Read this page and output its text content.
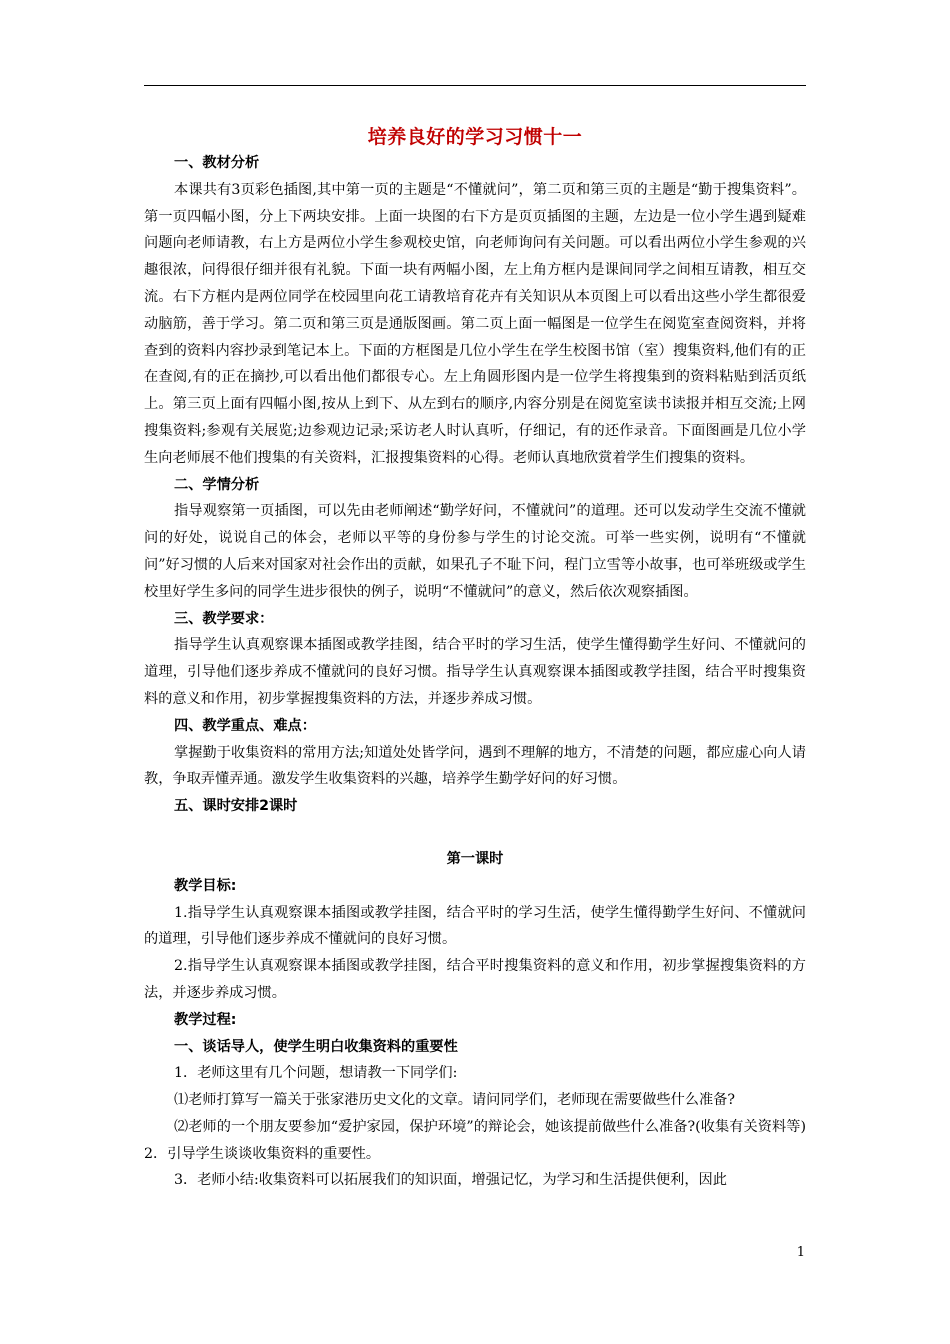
培养良好的学习习惯十一

一、教材分析

本课共有3页彩色插图,其中第一页的主题是“不懂就问”，第二页和第三页的主题是“勤于搜集资料”。第一页四幅小图，分上下两块安排。上面一块图的右下方是页页插图的主题，左边是一位小学生遇到疑难问题向老师请教，右上方是两位小学生参观校史馆，向老师询问有关问题。可以看出两位小学生参观的兴趣很浓，问得很仔细并很有礼貌。下面一块有两幅小图，左上角方框内是课间同学之间相互请教，相互交流。右下方框内是两位同学在校园里向花工请教培育花卉有关知识从本页图上可以看出这些小学生都很爱动脑筋，善于学习。第二页和第三页是通版图画。第二页上面一幅图是一位学生在阅览室查阅资料，并将查到的资料内容抄录到笔记本上。下面的方框图是几位小学生在学生校图书馆（室）搜集资料,他们有的正在查阅,有的正在摘抄,可以看出他们都很专心。左上角圆形图内是一位学生将搜集到的资料粘贴到活页纸上。第三页上面有四幅小图,按从上到下、从左到右的顺序,内容分别是在阅览室读书读报并相互交流;上网搜集资料;参观有关展览;边参观边记录;采访老人时认真听，仔细记，有的还作录音。下面图画是几位小学生向老师展不他们搜集的有关资料，汇报搜集资料的心得。老师认真地欣赏着学生们搜集的资料。

二、学情分析

指导观察第一页插图，可以先由老师阐述“勤学好问，不懂就问”的道理。还可以发动学生交流不懂就问的好处，说说自己的体会，老师以平等的身份参与学生的讨论交流。可举一些实例，说明有“不懂就问”好习惯的人后来对国家对社会作出的贡献，如果孔子不耻下问，程门立雪等小故事，也可举班级或学生校里好学生多问的同学生进步很快的例子，说明“不懂就问”的意义，然后依次观察插图。

三、教学要求：

指导学生认真观察课本插图或教学挂图，结合平时的学习生活，使学生懂得勤学生好问、不懂就问的道理，引导他们逐步养成不懂就问的良好习惯。指导学生认真观察课本插图或教学挂图，结合平时搜集资料的意义和作用，初步掌握搜集资料的方法，并逐步养成习惯。

四、教学重点、难点：

掌握勤于收集资料的常用方法;知道处处皆学问，遇到不理解的地方，不清楚的问题，都应虚心向人请教，争取弄懂弄通。激发学生收集资料的兴趣，培养学生勤学好问的好习惯。

五、课时安排2课时

第一课时

教学目标:

1.指导学生认真观察课本插图或教学挂图，结合平时的学习生活，使学生懂得勤学生好问、不懂就问的道理，引导他们逐步养成不懂就问的良好习惯。

2.指导学生认真观察课本插图或教学挂图，结合平时搜集资料的意义和作用，初步掌握搜集资料的方法，并逐步养成习惯。

教学过程:

一、谈话导人，使学生明白收集资料的重要性

1．老师这里有几个问题，想请教一下同学们:

⑴老师打算写一篇关于张家港历史文化的文章。请问同学们，老师现在需要做些什么准备?

⑵老师的一个朋友要参加“爱护家园，保护环境”的辩论会，她该提前做些什么准备?(收集有关资料等)　　2．引导学生谈谈收集资料的重要性。

3．老师小结:收集资料可以拓展我们的知识面，增强记忆，为学习和生活提供便利，因此

1
